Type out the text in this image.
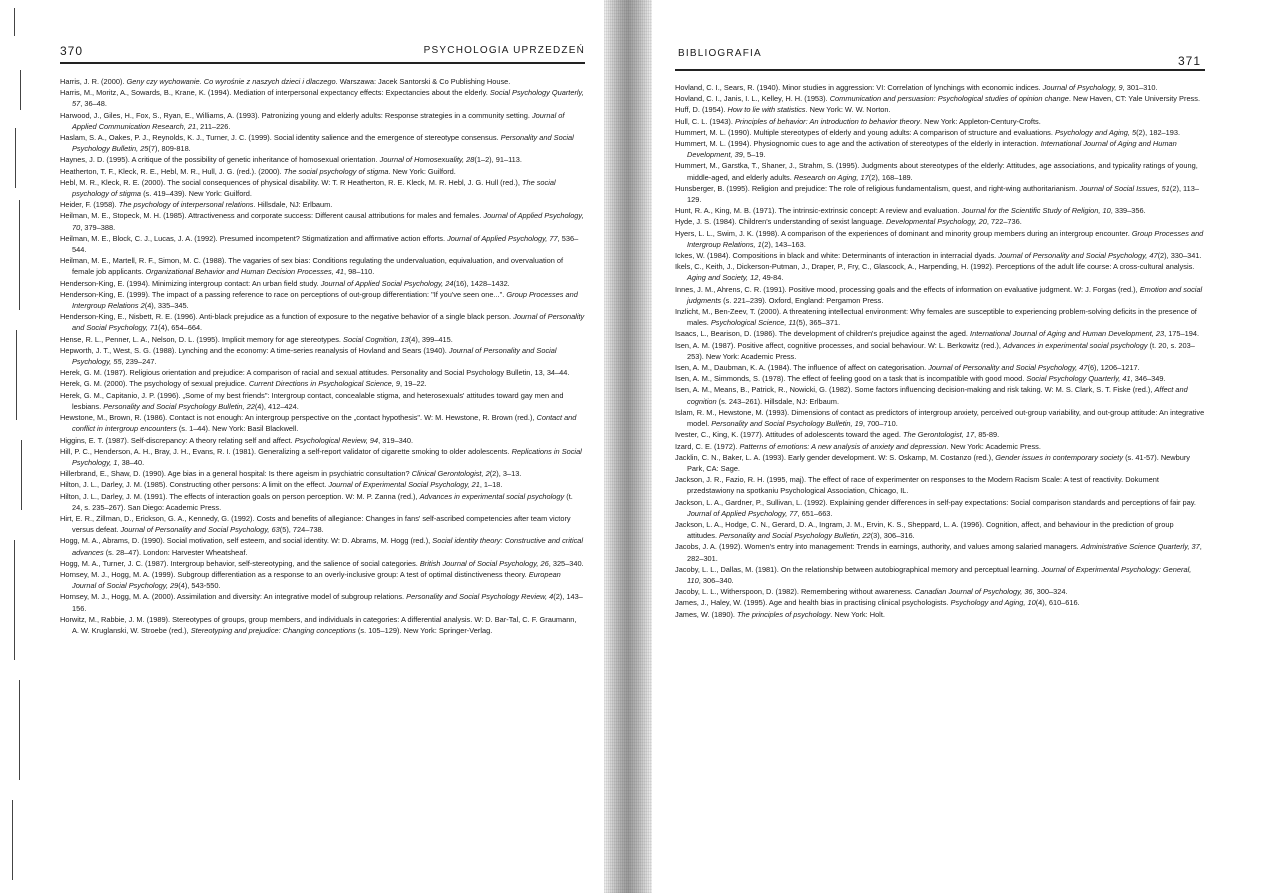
370	PSYCHOLOGIA UPRZEDZEŃ

Harris, J. R. (2000). Geny czy wychowanie. Co wyrośnie z naszych dzieci i dlaczego. Warszawa: Jacek Santorski & Co Publishing House.

Harris, M., Moritz, A., Sowards, B., Krane, K. (1994). Mediation of interpersonal expectancy effects: Expectancies about the elderly. Social Psychology Quarterly, 57, 36–48.

Harwood, J., Giles, H., Fox, S., Ryan, E., Williams, A. (1993). Patronizing young and elderly adults: Response strategies in a community setting. Journal of Applied Communication Research, 21, 211–226.

Haslam, S. A., Oakes, P. J., Reynolds, K. J., Turner, J. C. (1999). Social identity salience and the emergence of stereotype consensus. Personality and Social Psychology Bulletin, 25(7), 809-818.

Haynes, J. D. (1995). A critique of the possibility of genetic inheritance of homosexual orientation. Journal of Homosexuality, 28(1–2), 91–113.

Heatherton, T. F., Kleck, R. E., Hebl, M. R., Hull, J. G. (red.). (2000). The social psychology of stigma. New York: Guilford.

Hebl, M. R., Kleck, R. E. (2000). The social consequences of physical disability. W: T. R Heatherton, R. E. Kleck, M. R. Hebl, J. G. Hull (red.), The social psychology of stigma (s. 419–439). New York: Guilford.

Heider, F. (1958). The psychology of interpersonal relations. Hillsdale, NJ: Erlbaum.

Heilman, M. E., Stopeck, M. H. (1985). Attractiveness and corporate success: Different causal attributions for males and females. Journal of Applied Psychology, 70, 379–388.

Heilman, M. E., Block, C. J., Lucas, J. A. (1992). Presumed incompetent? Stigmatization and affirmative action efforts. Journal of Applied Psychology, 77, 536–544.

Heilman, M. E., Martell, R. F., Simon, M. C. (1988). The vagaries of sex bias: Conditions regulating the undervaluation, equivaluation, and overvaluation of female job applicants. Organizational Behavior and Human Decision Processes, 41, 98–110.

Henderson-King, E. (1994). Minimizing intergroup contact: An urban field study. Journal of Applied Social Psychology, 24(16), 1428–1432.

Henderson-King, E. (1999). The impact of a passing reference to race on perceptions of out-group differentiation: "If you've seen one...". Group Processes and Intergroup Relations 2(4), 335–345.

Henderson-King, E., Nisbett, R. E. (1996). Anti-black prejudice as a function of exposure to the negative behavior of a single black person. Journal of Personality and Social Psychology, 71(4), 654–664.

Hense, R. L., Penner, L. A., Nelson, D. L. (1995). Implicit memory for age stereotypes. Social Cognition, 13(4), 399–415.

Hepworth, J. T., West, S. G. (1988). Lynching and the economy: A time-series reanalysis of Hovland and Sears (1940). Journal of Personality and Social Psychology, 55, 239–247.

Herek, G. M. (1987). Religious orientation and prejudice: A comparison of racial and sexual attitudes. Personality and Social Psychology Bulletin, 13, 34–44.

Herek, G. M. (2000). The psychology of sexual prejudice. Current Directions in Psychological Science, 9, 19–22.

Herek, G. M., Capitanio, J. P. (1996). „Some of my best friends": Intergroup contact, concealable stigma, and heterosexuals' attitudes toward gay men and lesbians. Personality and Social Psychology Bulletin, 22(4), 412–424.

Hewstone, M., Brown, R. (1986). Contact is not enough: An intergroup perspective on the „contact hypothesis". W: M. Hewstone, R. Brown (red.), Contact and conflict in intergroup encounters (s. 1–44). New York: Basil Blackwell.

Higgins, E. T. (1987). Self-discrepancy: A theory relating self and affect. Psychological Review, 94, 319–340.

Hill, P. C., Henderson, A. H., Bray, J. H., Evans, R. I. (1981). Generalizing a self-report validator of cigarette smoking to older adolescents. Replications in Social Psychology, 1, 38–40.

Hillerbrand, E., Shaw, D. (1990). Age bias in a general hospital: Is there ageism in psychiatric consultation? Clinical Gerontologist, 2(2), 3–13.

Hilton, J. L., Darley, J. M. (1985). Constructing other persons: A limit on the effect. Journal of Experimental Social Psychology, 21, 1–18.

Hilton, J. L., Darley, J. M. (1991). The effects of interaction goals on person perception. W: M. P. Zanna (red.), Advances in experimental social psychology (t. 24, s. 235–267). San Diego: Academic Press.

Hirt, E. R., Zillman, D., Erickson, G. A., Kennedy, G. (1992). Costs and benefits of allegiance: Changes in fans' self-ascribed competencies after team victory versus defeat. Journal of Personality and Social Psychology, 63(5), 724–738.

Hogg, M. A., Abrams, D. (1990). Social motivation, self esteem, and social identity. W: D. Abrams, M. Hogg (red.), Social identity theory: Constructive and critical advances (s. 28–47). London: Harvester Wheatsheaf.

Hogg, M. A., Turner, J. C. (1987). Intergroup behavior, self-stereotyping, and the salience of social categories. British Journal of Social Psychology, 26, 325–340.

Hornsey, M. J., Hogg, M. A. (1999). Subgroup differentiation as a response to an overly-inclusive group: A test of optimal distinctiveness theory. European Journal of Social Psychology, 29(4), 543-550.

Hornsey, M. J., Hogg, M. A. (2000). Assimilation and diversity: An integrative model of subgroup relations. Personality and Social Psychology Review, 4(2), 143–156.

Horwitz, M., Rabbie, J. M. (1989). Stereotypes of groups, group members, and individuals in categories: A differential analysis. W: D. Bar-Tal, C. F. Graumann, A. W. Kruglanski, W. Stroebe (red.), Stereotyping and prejudice: Changing conceptions (s. 105–129). New York: Springer-Verlag.

BIBLIOGRAFIA
371

Hovland, C. I., Sears, R. (1940). Minor studies in aggression: VI: Correlation of lynchings with economic indices. Journal of Psychology, 9, 301–310.

Hovland, C. I., Janis, I. L., Kelley, H. H. (1953). Communication and persuasion: Psychological studies of opinion change. New Haven, CT: Yale University Press.

Huff, D. (1954). How to lie with statistics. New York: W. W. Norton.

Hull, C. L. (1943). Principles of behavior: An introduction to behavior theory. New York: Appleton-Century-Crofts.

Hummert, M. L. (1990). Multiple stereotypes of elderly and young adults: A comparison of structure and evaluations. Psychology and Aging, 5(2), 182–193.

Hummert, M. L. (1994). Physiognomic cues to age and the activation of stereotypes of the elderly in interaction. International Journal of Aging and Human Development, 39, 5–19.

Hummert, M., Garstka, T., Shaner, J., Strahm, S. (1995). Judgments about stereotypes of the elderly: Attitudes, age associations, and typicality ratings of young, middle-aged, and elderly adults. Research on Aging, 17(2), 168–189.

Hunsberger, B. (1995). Religion and prejudice: The role of religious fundamentalism, quest, and right-wing authoritarianism. Journal of Social Issues, 51(2), 113–129.

Hunt, R. A., King, M. B. (1971). The intrinsic-extrinsic concept: A review and evaluation. Journal for the Scientific Study of Religion, 10, 339–356.

Hyde, J. S. (1984). Children's understanding of sexist language. Developmental Psychology, 20, 722–736.

Hyers, L. L., Swim, J. K. (1998). A comparison of the experiences of dominant and minority group members during an intergroup encounter. Group Processes and Intergroup Relations, 1(2), 143–163.

Ickes, W. (1984). Compositions in black and white: Determinants of interaction in interracial dyads. Journal of Personality and Social Psychology, 47(2), 330–341.

Ikels, C., Keith, J., Dickerson-Putman, J., Draper, P., Fry, C., Glascock, A., Harpending, H. (1992). Perceptions of the adult life course: A cross-cultural analysis. Aging and Society, 12, 49-84.

Innes, J. M., Ahrens, C. R. (1991). Positive mood, processing goals and the effects of information on evaluative judgment. W: J. Forgas (red.), Emotion and social judgments (s. 221–239). Oxford, England: Pergamon Press.

Inzlicht, M., Ben-Zeev, T. (2000). A threatening intellectual environment: Why females are susceptible to experiencing problem-solving deficits in the presence of males. Psychological Science, 11(5), 365–371.

Isaacs, L., Bearison, D. (1986). The development of children's prejudice against the aged. International Journal of Aging and Human Development, 23, 175–194.

Isen, A. M. (1987). Positive affect, cognitive processes, and social behaviour. W: L. Berkowitz (red.), Advances in experimental social psychology (t. 20, s. 203–253). New York: Academic Press.

Isen, A. M., Daubman, K. A. (1984). The influence of affect on categorisation. Journal of Personality and Social Psychology, 47(6), 1206–1217.

Isen, A. M., Simmonds, S. (1978). The effect of feeling good on a task that is incompatible with good mood. Social Psychology Quarterly, 41, 346–349.

Isen, A. M., Means, B., Patrick, R., Nowicki, G. (1982). Some factors influencing decision-making and risk taking. W: M. S. Clark, S. T. Fiske (red.), Affect and cognition (s. 243–261). Hillsdale, NJ: Erlbaum.

Islam, R. M., Hewstone, M. (1993). Dimensions of contact as predictors of intergroup anxiety, perceived out-group variability, and out-group attitude: An integrative model. Personality and Social Psychology Bulletin, 19, 700–710.

Ivester, C., King, K. (1977). Attitudes of adolescents toward the aged. The Gerontologist, 17, 85-89.

Izard, C. E. (1972). Patterns of emotions: A new analysis of anxiety and depression. New York: Academic Press.

Jacklin, C. N., Baker, L. A. (1993). Early gender development. W: S. Oskamp, M. Costanzo (red.), Gender issues in contemporary society (s. 41-57). Newbury Park, CA: Sage.

Jackson, J. R., Fazio, R. H. (1995, maj). The effect of race of experimenter on responses to the Modern Racism Scale: A test of reactivity. Dokument przedstawiony na spotkaniu Psychological Association, Chicago, IL.

Jackson, L. A., Gardner, P., Sullivan, L. (1992). Explaining gender differences in self-pay expectations: Social comparison standards and perceptions of fair pay. Journal of Applied Psychology, 77, 651–663.

Jackson, L. A., Hodge, C. N., Gerard, D. A., Ingram, J. M., Ervin, K. S., Sheppard, L. A. (1996). Cognition, affect, and behaviour in the prediction of group attitudes. Personality and Social Psychology Bulletin, 22(3), 306–316.

Jacobs, J. A. (1992). Women's entry into management: Trends in earnings, authority, and values among salaried managers. Administrative Science Quarterly, 37, 282–301.

Jacoby, L. L., Dallas, M. (1981). On the relationship between autobiographical memory and perceptual learning. Journal of Experimental Psychology: General, 110, 306–340.

Jacoby, L. L., Witherspoon, D. (1982). Remembering without awareness. Canadian Journal of Psychology, 36, 300–324.

James, J., Haley, W. (1995). Age and health bias in practising clinical psychologists. Psychology and Aging, 10(4), 610–616.

James, W. (1890). The principles of psychology. New York: Holt.
